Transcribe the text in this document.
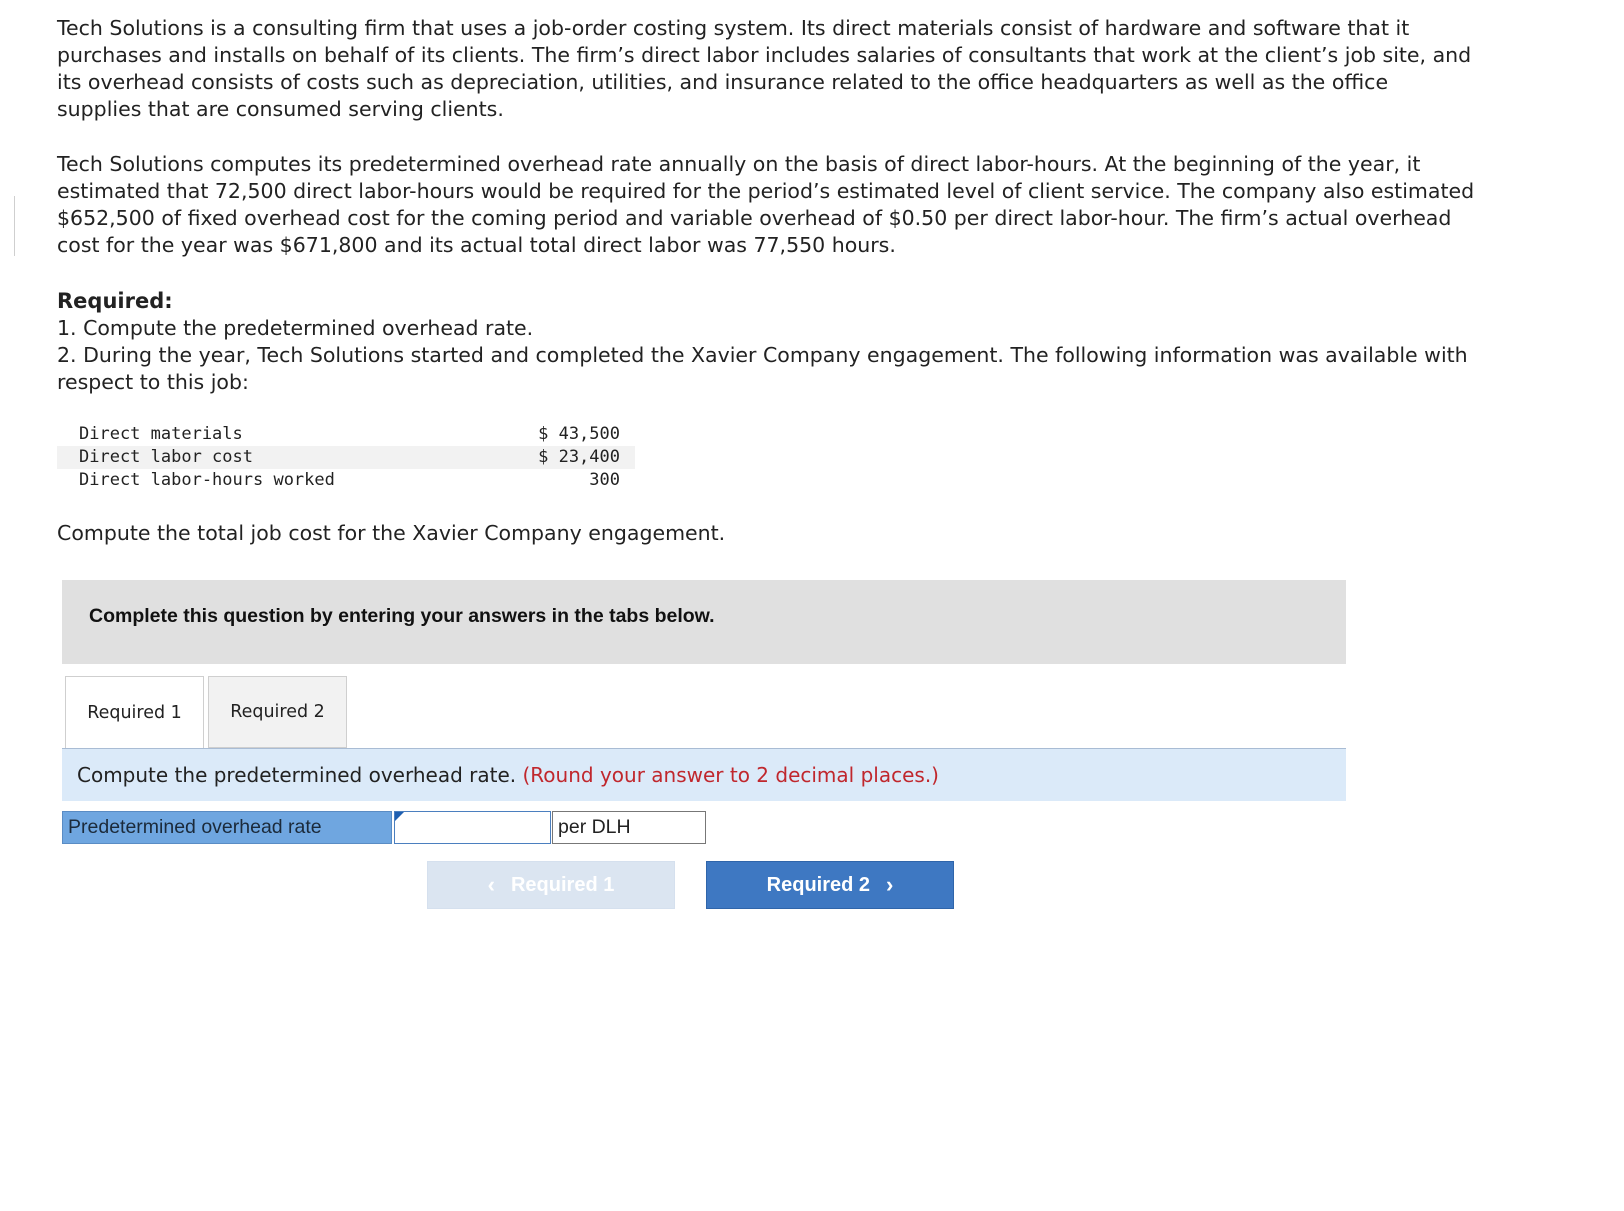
Tech Solutions is a consulting firm that uses a job-order costing system. Its direct materials consist of hardware and software that it purchases and installs on behalf of its clients. The firm’s direct labor includes salaries of consultants that work at the client’s job site, and its overhead consists of costs such as depreciation, utilities, and insurance related to the office headquarters as well as the office supplies that are consumed serving clients.

Tech Solutions computes its predetermined overhead rate annually on the basis of direct labor-hours. At the beginning of the year, it estimated that 72,500 direct labor-hours would be required for the period’s estimated level of client service. The company also estimated $652,500 of fixed overhead cost for the coming period and variable overhead of $0.50 per direct labor-hour. The firm’s actual overhead cost for the year was $671,800 and its actual total direct labor was 77,550 hours.

Required:

1. Compute the predetermined overhead rate.

2. During the year, Tech Solutions started and completed the Xavier Company engagement. The following information was available with respect to this job:

Direct materials	$ 43,500
Direct labor cost	$ 23,400
Direct labor-hours worked	300

Compute the total job cost for the Xavier Company engagement.

Complete this question by entering your answers in the tabs below.
Required 1	Required 2
Compute the predetermined overhead rate. (Round your answer to 2 decimal places.)
Predetermined overhead rate	per DLH
‹ Required 1	Required 2 ›
